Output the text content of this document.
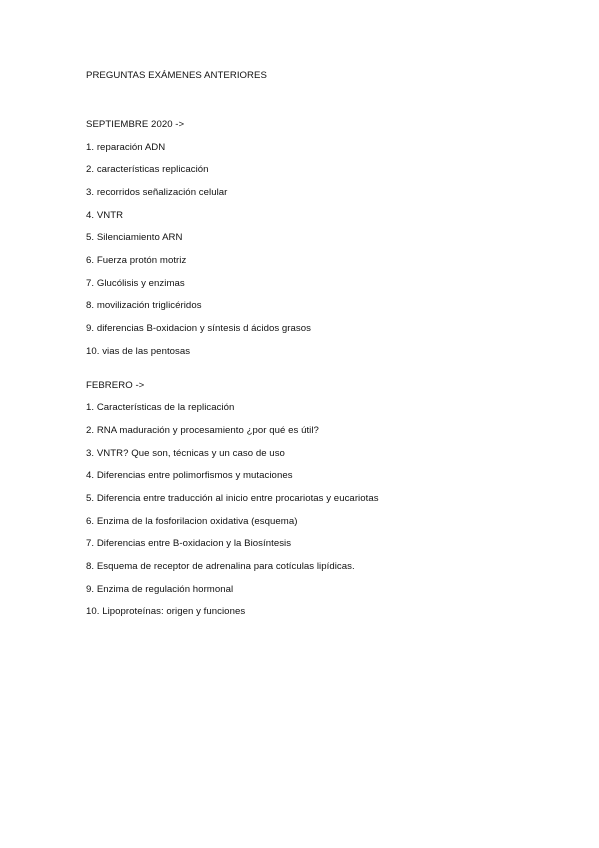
PREGUNTAS EXÁMENES ANTERIORES
SEPTIEMBRE 2020 ->
1. reparación ADN
2. características replicación
3. recorridos señalización celular
4. VNTR
5. Silenciamiento ARN
6. Fuerza protón motriz
7. Glucólisis y enzimas
8. movilización triglicéridos
9. diferencias B-oxidacion y síntesis d ácidos grasos
10. vias de las pentosas
FEBRERO ->
1. Características de la replicación
2. RNA maduración y procesamiento ¿por qué es útil?
3. VNTR? Que son, técnicas y un caso de uso
4. Diferencias entre polimorfismos y mutaciones
5. Diferencia entre traducción al inicio entre procariotas y eucariotas
6. Enzima de la fosforilacion oxidativa (esquema)
7. Diferencias entre B-oxidacion y la Biosíntesis
8. Esquema de receptor de adrenalina para cotículas lipídicas.
9. Enzima de regulación hormonal
10. Lipoproteínas: origen y funciones
